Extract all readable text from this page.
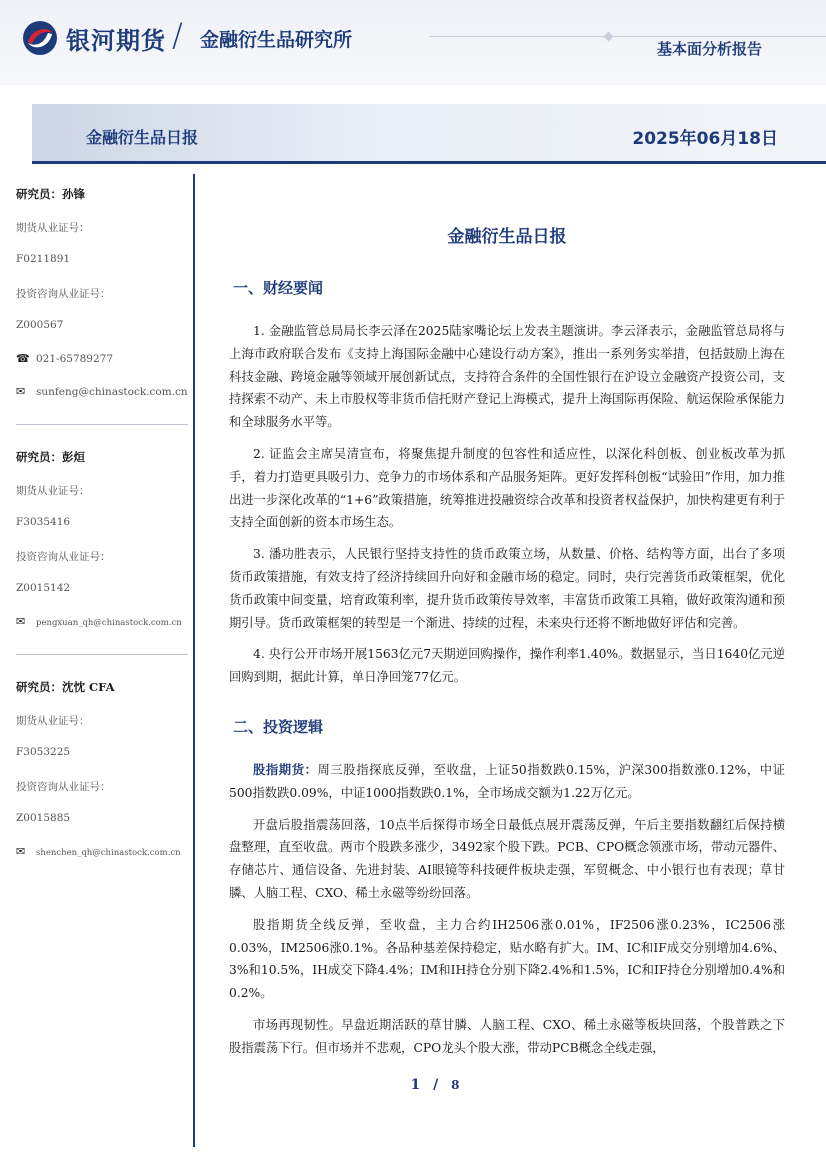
银河期货 / 金融衍生品研究所	基本面分析报告
金融衍生品日报	2025年06月18日
研究员：孙锋
期货从业证号：
F0211891
投资咨询从业证号：
Z000567
☎ 021-65789277
✉ sunfeng@chinastock.com.cn
研究员：彭烜
期货从业证号：
F3035416
投资咨询从业证号：
Z0015142
✉ pengxuan_qh@chinastock.com.cn
研究员：沈忱 CFA
期货从业证号：
F3053225
投资咨询从业证号：
Z0015885
✉ shenchen_qh@chinastock.com.cn
金融衍生品日报
一、财经要闻

1. 金融监管总局局长李云泽在2025陆家嘴论坛上发表主题演讲。李云泽表示，金融监管总局将与上海市政府联合发布《支持上海国际金融中心建设行动方案》，推出一系列务实举措，包括鼓励上海在科技金融、跨境金融等领域开展创新试点，支持符合条件的全国性银行在沪设立金融资产投资公司，支持探索不动产、未上市股权等非货币信托财产登记上海模式，提升上海国际再保险、航运保险承保能力和全球服务水平等。

2. 证监会主席吴清宣布，将聚焦提升制度的包容性和适应性，以深化科创板、创业板改革为抓手，着力打造更具吸引力、竞争力的市场体系和产品服务矩阵。更好发挥科创板“试验田”作用，加力推出进一步深化改革的“1+6”政策措施，统筹推进投融资综合改革和投资者权益保护，加快构建更有利于支持全面创新的资本市场生态。

3. 潘功胜表示，人民银行坚持支持性的货币政策立场，从数量、价格、结构等方面，出台了多项货币政策措施，有效支持了经济持续回升向好和金融市场的稳定。同时，央行完善货币政策框架，优化货币政策中间变量，培育政策利率，提升货币政策传导效率，丰富货币政策工具箱，做好政策沟通和预期引导。货币政策框架的转型是一个渐进、持续的过程，未来央行还将不断地做好评估和完善。

4. 央行公开市场开展1563亿元7天期逆回购操作，操作利率1.40%。数据显示，当日1640亿元逆回购到期，据此计算，单日净回笼77亿元。

二、投资逻辑

股指期货：周三股指探底反弹，至收盘，上证50指数跌0.15%，沪深300指数涨0.12%，中证500指数跌0.09%，中证1000指数跌0.1%，全市场成交额为1.22万亿元。

开盘后股指震荡回落，10点半后探得市场全日最低点展开震荡反弹，午后主要指数翻红后保持横盘整理，直至收盘。两市个股跌多涨少，3492家个股下跌。PCB、CPO概念领涨市场，带动元器件、存储芯片、通信设备、先进封装、AI眼镜等科技硬件板块走强，军贸概念、中小银行也有表现；草甘膦、人脑工程、CXO、稀土永磁等纷纷回落。

股指期货全线反弹，至收盘，主力合约IH2506涨0.01%，IF2506涨0.23%，IC2506涨0.03%，IM2506涨0.1%。各品种基差保持稳定，贴水略有扩大。IM、IC和IF成交分别增加4.6%、3%和10.5%，IH成交下降4.4%；IM和IH持仓分别下降2.4%和1.5%，IC和IF持仓分别增加0.4%和0.2%。

市场再现韧性。早盘近期活跃的草甘膦、人脑工程、CXO、稀土永磁等板块回落，个股普跌之下股指震荡下行。但市场并不悲观，CPO龙头个股大涨，带动PCB概念全线走强，

1 / 8
